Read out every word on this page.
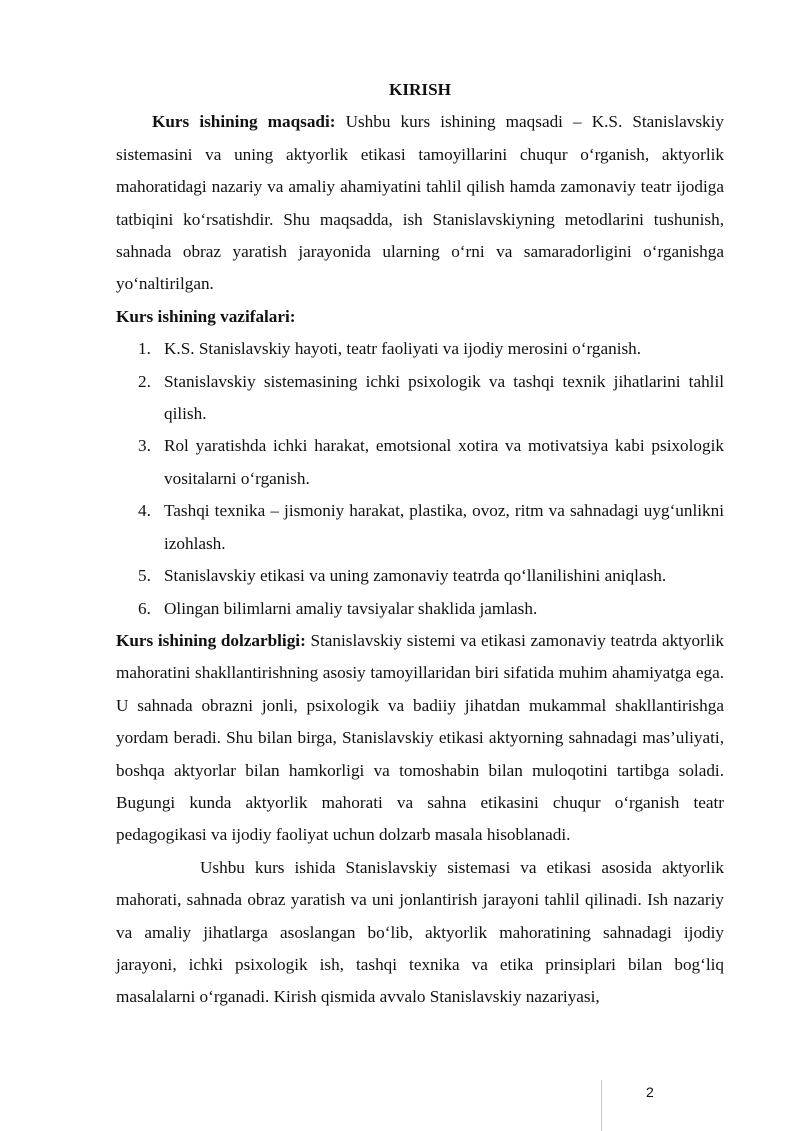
KIRISH

Kurs ishining maqsadi: Ushbu kurs ishining maqsadi – K.S. Stanislavskiy sistemasini va uning aktyorlik etikasi tamoyillarini chuqur o‘rganish, aktyorlik mahoratidagi nazariy va amaliy ahamiyatini tahlil qilish hamda zamonaviy teatr ijodiga tatbiqini ko‘rsatishdir. Shu maqsadda, ish Stanislavskiyning metodlarini tushunish, sahnada obraz yaratish jarayonida ularning o‘rni va samaradorligini o‘rganishga yo‘naltirilgan.

Kurs ishining vazifalari:

1. K.S. Stanislavskiy hayoti, teatr faoliyati va ijodiy merosini o‘rganish.
2. Stanislavskiy sistemasining ichki psixologik va tashqi texnik jihatlarini tahlil qilish.
3. Rol yaratishda ichki harakat, emotsional xotira va motivatsiya kabi psixologik vositalarni o‘rganish.
4. Tashqi texnika – jismoniy harakat, plastika, ovoz, ritm va sahnadagi uyg‘unlikni izohlash.
5. Stanislavskiy etikasi va uning zamonaviy teatrda qo‘llanilishini aniqlash.
6. Olingan bilimlarni amaliy tavsiyalar shaklida jamlash.

Kurs ishining dolzarbligi: Stanislavskiy sistemi va etikasi zamonaviy teatrda aktyorlik mahoratini shakllantirishning asosiy tamoyillaridan biri sifatida muhim ahamiyatga ega. U sahnada obrazni jonli, psixologik va badiiy jihatdan mukammal shakllantirishga yordam beradi. Shu bilan birga, Stanislavskiy etikasi aktyorning sahnadagi mas’uliyati, boshqa aktyorlar bilan hamkorligi va tomoshabin bilan muloqotini tartibga soladi. Bugungi kunda aktyorlik mahorati va sahna etikasini chuqur o‘rganish teatr pedagogikasi va ijodiy faoliyat uchun dolzarb masala hisoblanadi.

Ushbu kurs ishida Stanislavskiy sistemasi va etikasi asosida aktyorlik mahorati, sahnada obraz yaratish va uni jonlantirish jarayoni tahlil qilinadi. Ish nazariy va amaliy jihatlarga asoslangan bo‘lib, aktyorlik mahoratining sahnadagi ijodiy jarayoni, ichki psixologik ish, tashqi texnika va etika prinsiplari bilan bog‘liq masalalarni o‘rganadi. Kirish qismida avvalo Stanislavskiy nazariyasi,

2
